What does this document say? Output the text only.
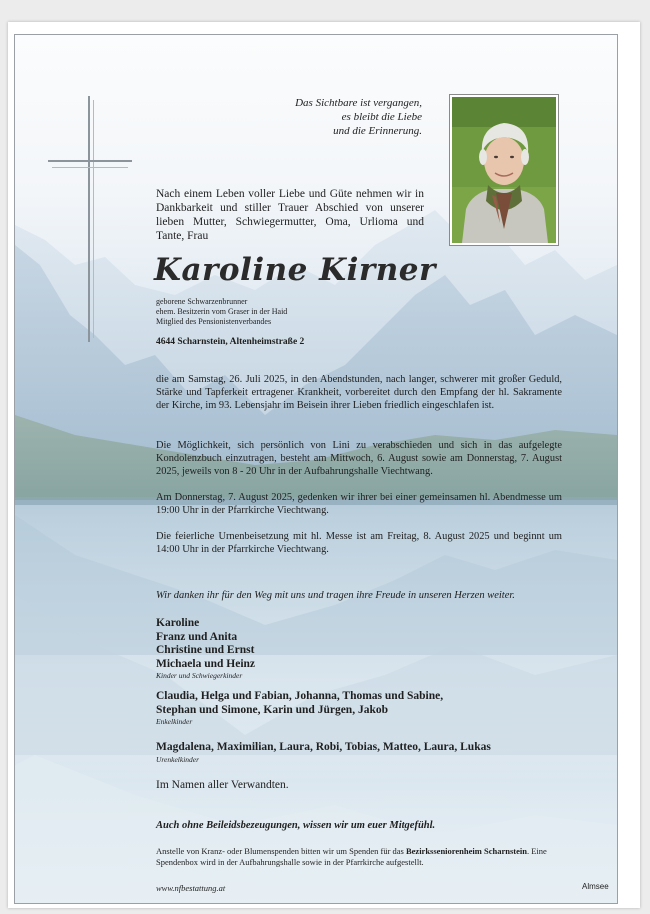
Das Sichtbare ist vergangen,
es bleibt die Liebe
und die Erinnerung.
Nach einem Leben voller Liebe und Güte nehmen wir in Dankbarkeit und stiller Trauer Abschied von unserer lieben Mutter, Schwiegermutter, Oma, Urlioma und Tante, Frau
Karoline Kirner
geborene Schwarzenbrunner
ehem. Besitzerin vom Graser in der Haid
Mitglied des Pensionistenverbandes
4644 Scharnstein, Altenheimstraße 2

die am Samstag, 26. Juli 2025, in den Abendstunden, nach langer, schwerer mit großer Geduld, Stärke und Tapferkeit ertragener Krankheit, vorbereitet durch den Empfang der hl. Sakramente der Kirche, im 93. Lebensjahr im Beisein ihrer Lieben friedlich eingeschlafen ist.

Die Möglichkeit, sich persönlich von Lini zu verabschieden und sich in das aufgelegte Kondolenzbuch einzutragen, besteht am Mittwoch, 6. August sowie am Donnerstag, 7. August 2025, jeweils von 8 - 20 Uhr in der Aufbahrungshalle Viechtwang.

Am Donnerstag, 7. August 2025, gedenken wir ihrer bei einer gemeinsamen hl. Abendmesse um 19:00 Uhr in der Pfarrkirche Viechtwang.

Die feierliche Urnenbeisetzung mit hl. Messe ist am Freitag, 8. August 2025 und beginnt um 14:00 Uhr in der Pfarrkirche Viechtwang.

Wir danken ihr für den Weg mit uns und tragen ihre Freude in unseren Herzen weiter.
Karoline
Franz und Anita
Christine und Ernst
Michaela und Heinz
Kinder und Schwiegerkinder
Claudia, Helga und Fabian, Johanna, Thomas und Sabine,
Stephan und Simone, Karin und Jürgen, Jakob
Enkelkinder
Magdalena, Maximilian, Laura, Robi, Tobias, Matteo, Laura, Lukas
Urenkelkinder
Im Namen aller Verwandten.
Auch ohne Beileidsbezeugungen, wissen wir um euer Mitgefühl.
Anstelle von Kranz- oder Blumenspenden bitten wir um Spenden für das Bezirksseniorenheim Scharnstein. Eine Spendenbox wird in der Aufbahrungshalle sowie in der Pfarrkirche aufgestellt.
www.nfbestattung.at	Almsee
